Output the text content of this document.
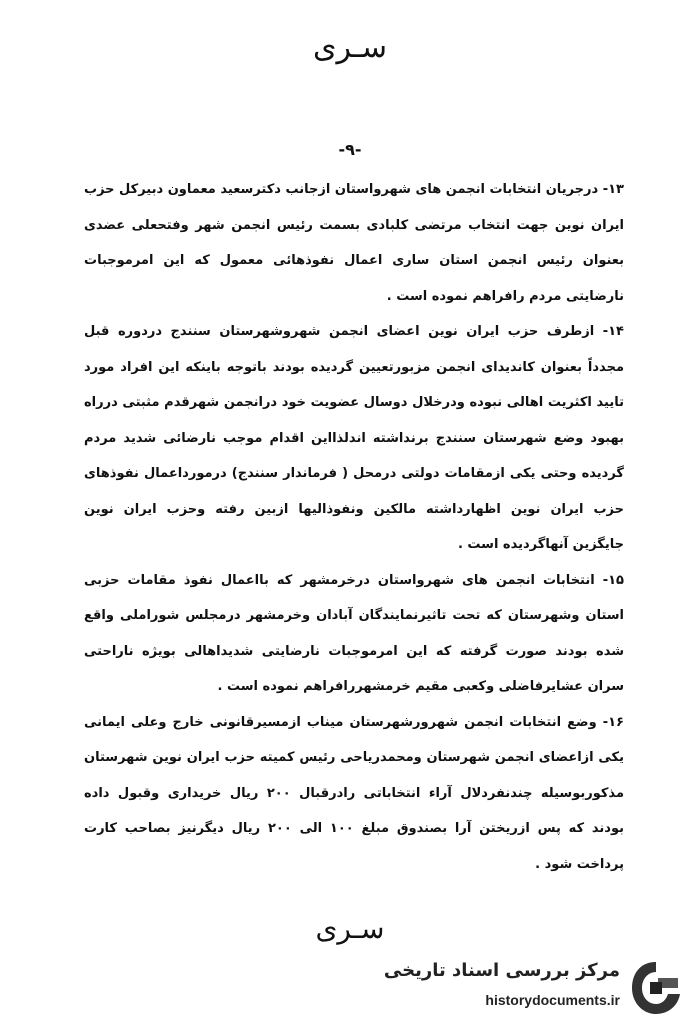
سـری
-۹-

۱۳- درجریان انتخابات انجمن های شهرواستان ازجانب دکترسعید معماون دبیرکل حزب ایران نوین جهت انتخاب مرتضی کلبادی بسمت رئیس انجمن شهر وفتحعلی عضدی بعنوان رئیس انجمن استان ساری اعمال نفوذهائی معمول که این امرموجبات نارضایتی مردم رافراهم نموده است .

۱۴- ازطرف حزب ایران نوین اعضای انجمن شهروشهرستان سنندج دردوره قبل مجدداً بعنوان کاندیدای انجمن مزبورتعیین گردیده بودند باتوجه باینکه این افراد مورد تایید اکثریت اهالی نبوده ودرخلال دوسال عضویت خود درانجمن شهرقدم مثبتی درراه بهبود وضع شهرستان سنندج برنداشته اندلذااین اقدام موجب نارضائی شدید مردم گردیده وحتی یکی ازمقامات دولتی درمحل ( فرماندار سنندج) درمورداعمال نفوذهای حزب ایران نوین اظهارداشته مالکین ونفوذالیها ازبین رفته وحزب ایران نوین جایگزین آنهاگردیده است .

۱۵- انتخابات انجمن های شهرواستان درخرمشهر که بااعمال نفوذ مقامات حزبی استان وشهرستان که تحت تاثیرنمایندگان آبادان وخرمشهر درمجلس شوراملی واقع شده بودند صورت گرفته که این امرموجبات نارضایتی شدیداهالی بویژه ناراحتی سران عشایرفاضلی وکعبی مقیم خرمشهررافراهم نموده است .

۱۶- وضع انتخابات انجمن شهرورشهرستان میناب ازمسیرقانونی خارج وعلی ایمانی یکی ازاعضای انجمن شهرستان ومحمدریاحی رئیس کمیته حزب ایران نوین شهرستان مذکوربوسیله چندنفردلال آراء انتخاباتی رادرقبال ۲۰۰ ریال خریداری وقبول داده بودند که پس ازریختن آرا بصندوق مبلغ ۱۰۰ الی ۲۰۰ ریال دیگرنیز بصاحب کارت پرداخت شود .

سـری
مرکز بررسی اسناد تاریخی
historydocuments.ir
